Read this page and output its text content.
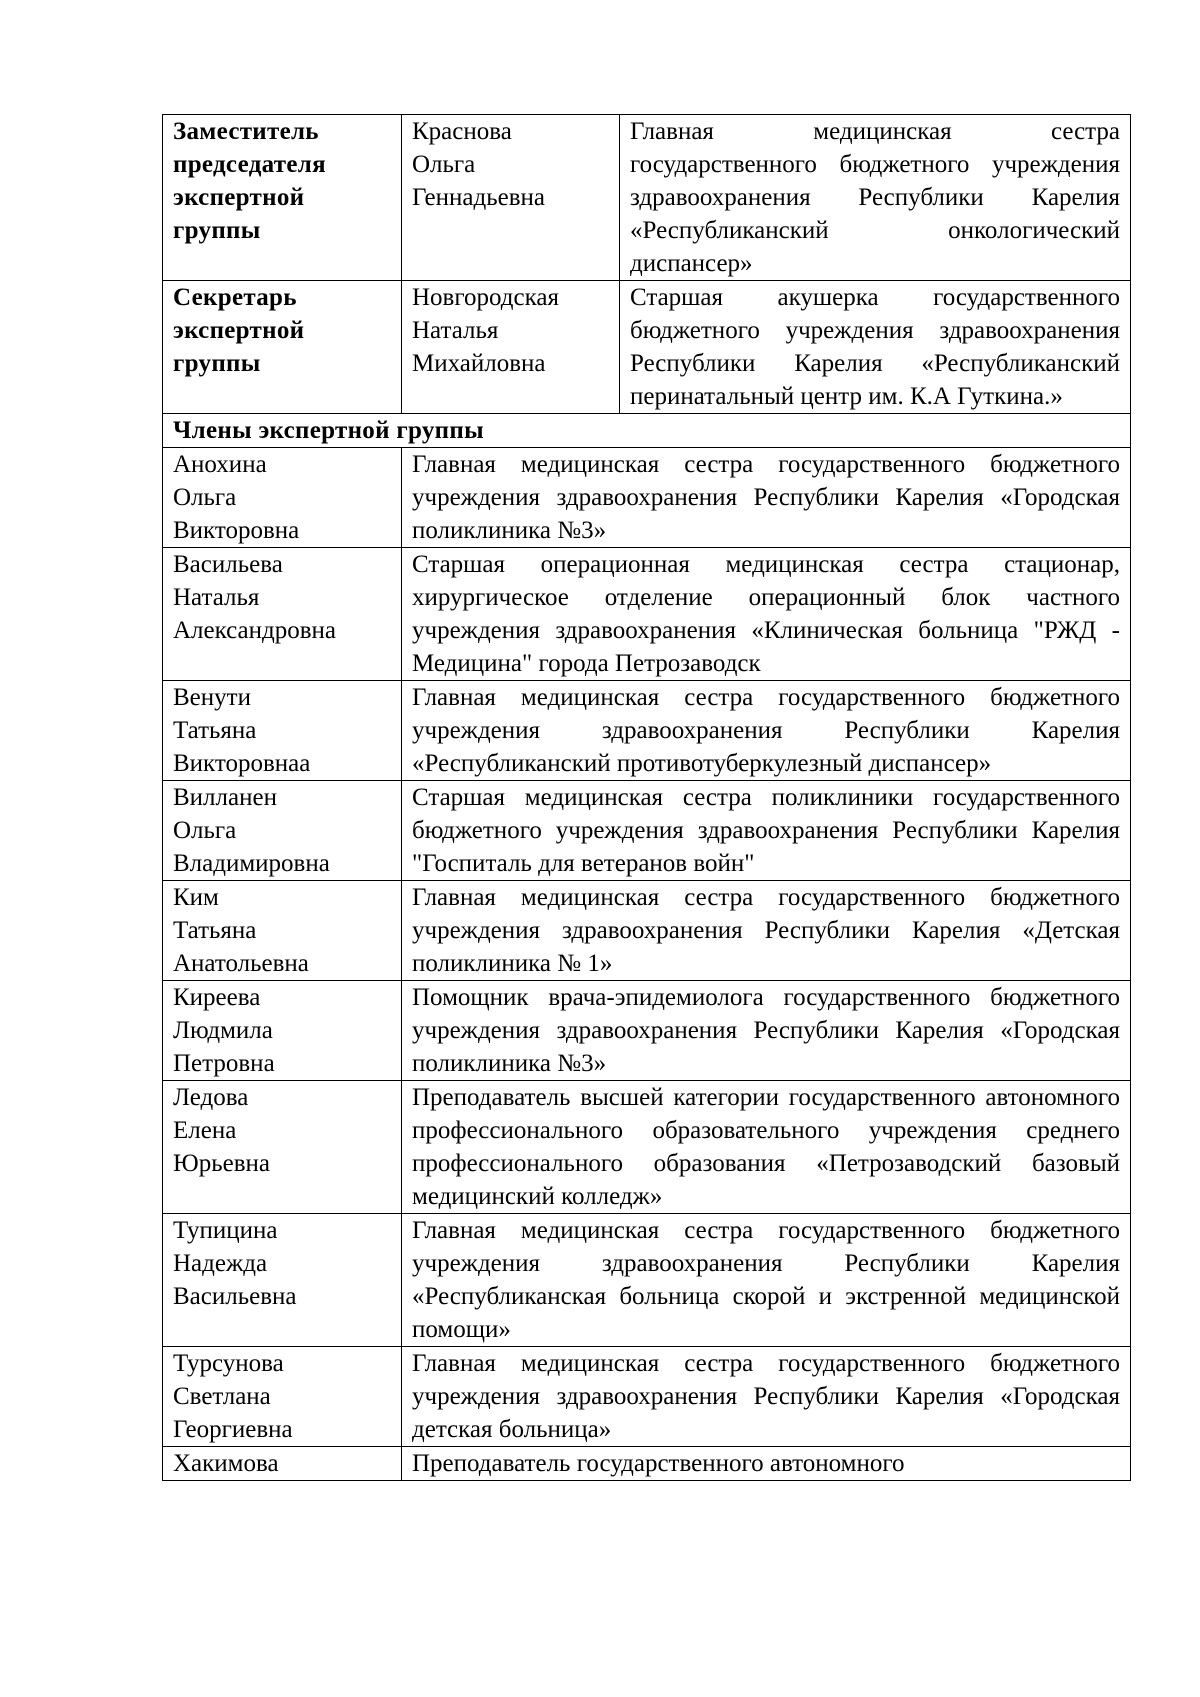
Заместитель
председателя
экспертной
группы	Краснова
Ольга
Геннадьевна	Главная медицинская сестра государственного бюджетного учреждения здравоохранения Республики Карелия «Республиканский онкологический диспансер»

Секретарь
экспертной
группы	Новгородская
Наталья
Михайловна	Старшая акушерка государственного бюджетного учреждения здравоохранения Республики Карелия «Республиканский перинатальный центр им. К.А Гуткина.»
Члены экспертной группы		

Анохина
Ольга
Викторовна	Главная медицинская сестра государственного бюджетного учреждения здравоохранения Республики Карелия «Городская поликлиника №3»	

Васильева
Наталья
Александровна	Старшая операционная медицинская сестра стационар, хирургическое отделение операционный блок частного учреждения здравоохранения «Клиническая больница "РЖД - Медицина" города Петрозаводск	

Венути
Татьяна
Викторовнаа	Главная медицинская сестра государственного бюджетного учреждения здравоохранения Республики Карелия «Республиканский противотуберкулезный диспансер»	

Вилланен
Ольга
Владимировна	Старшая медицинская сестра поликлиники государственного бюджетного учреждения здравоохранения Республики Карелия "Госпиталь для ветеранов войн"	

Ким
Татьяна
Анатольевна	Главная медицинская сестра государственного бюджетного учреждения здравоохранения Республики Карелия «Детская поликлиника № 1»	

Киреева
Людмила
Петровна	Помощник врача-эпидемиолога государственного бюджетного учреждения здравоохранения Республики Карелия «Городская поликлиника №3»	

Ледова
Елена
Юрьевна	Преподаватель высшей категории государственного автономного профессионального образовательного учреждения среднего профессионального образования «Петрозаводский базовый медицинский колледж»	

Тупицина
Надежда
Васильевна	Главная медицинская сестра государственного бюджетного учреждения здравоохранения Республики Карелия «Республиканская больница скорой и экстренной медицинской помощи»	

Турсунова
Светлана
Георгиевна	Главная медицинская сестра государственного бюджетного учреждения здравоохранения Республики Карелия «Городская детская больница»	

Хакимова	Преподаватель государственного автономного	
